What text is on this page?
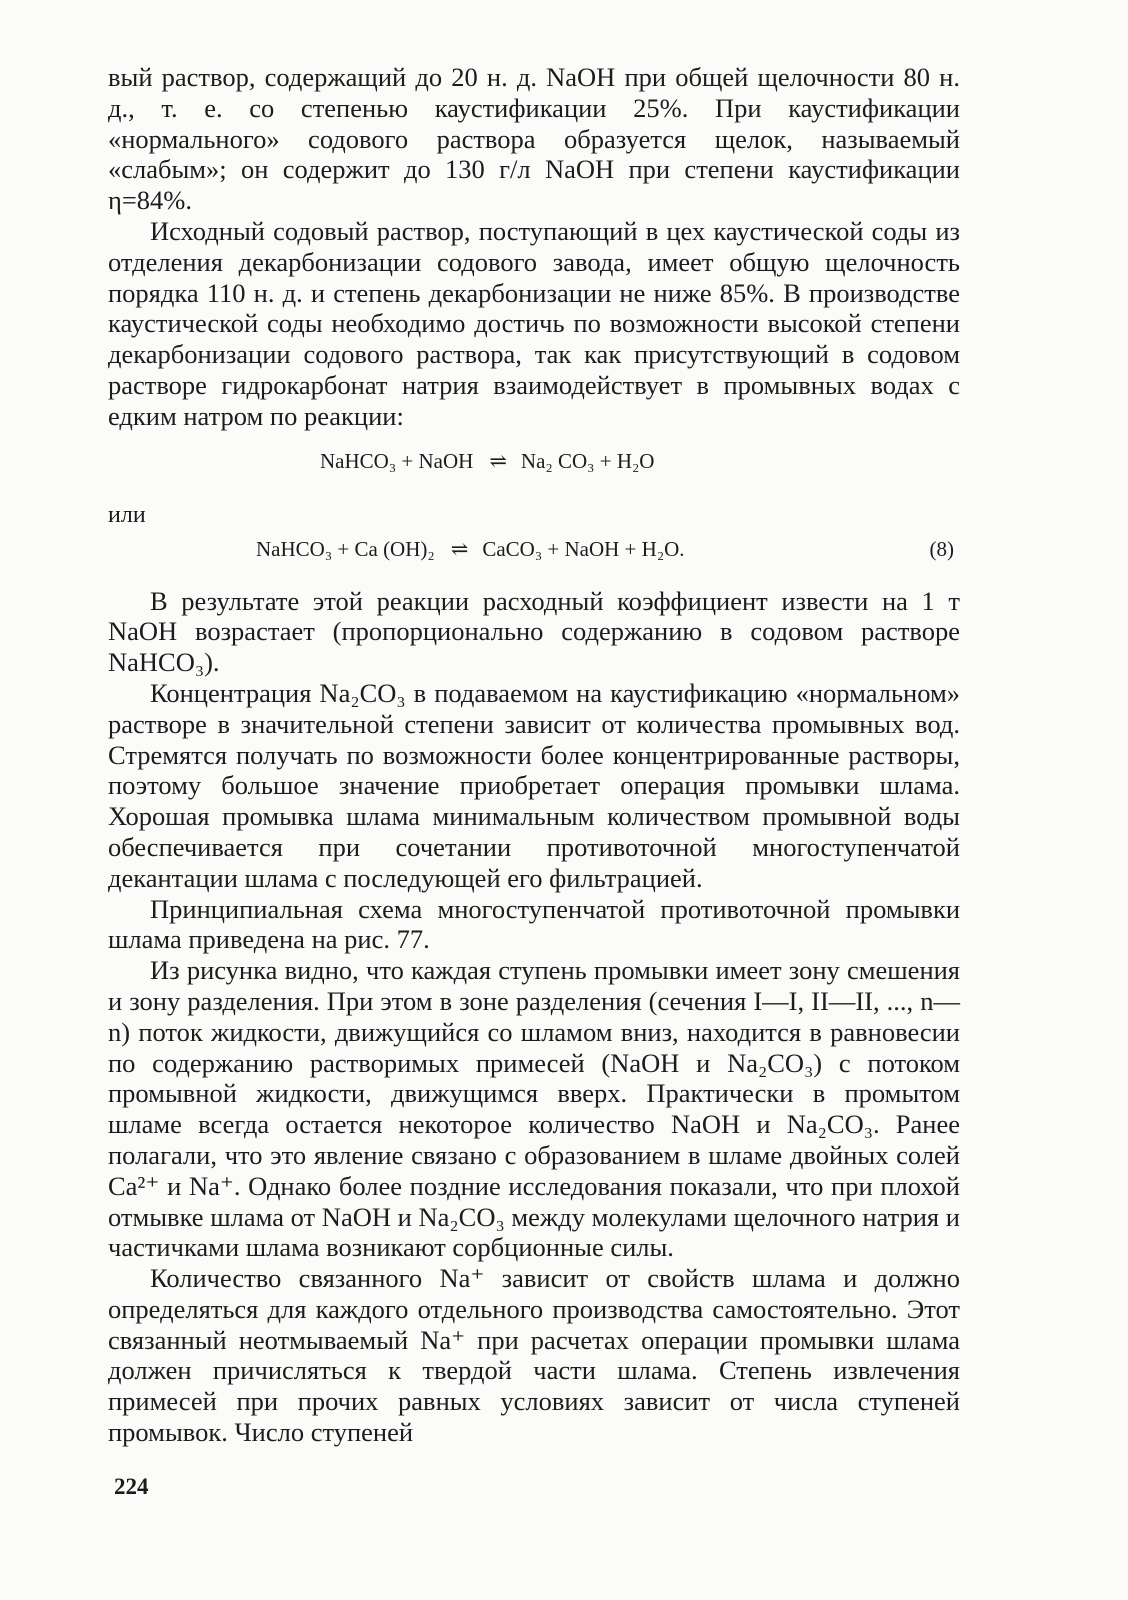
вый раствор, содержащий до 20 н. д. NaOH при общей щелочности 80 н. д., т. е. со степенью каустификации 25%. При каустификации «нормального» содового раствора образуется щелок, называемый «слабым»; он содержит до 130 г/л NaOH при степени каустификации η=84%.

Исходный содовый раствор, поступающий в цех каустической соды из отделения декарбонизации содового завода, имеет общую щелочность порядка 110 н. д. и степень декарбонизации не ниже 85%. В производстве каустической соды необходимо достичь по возможности высокой степени декарбонизации содового раствора, так как присутствующий в содовом растворе гидрокарбонат натрия взаимодействует в промывных водах с едким натром по реакции:

NaHCO₃ + NaOH ⇌ Na₂ CO₃ + H₂O
или
NaHCO₃ + Ca (OH)₂ ⇌ CaCO₃ + NaOH + H₂O.	(8)

В результате этой реакции расходный коэффициент извести на 1 т NaOH возрастает (пропорционально содержанию в содовом растворе NaHCO₃).

Концентрация Na₂CO₃ в подаваемом на каустификацию «нормальном» растворе в значительной степени зависит от количества промывных вод. Стремятся получать по возможности более концентрированные растворы, поэтому большое значение приобретает операция промывки шлама. Хорошая промывка шлама минимальным количеством промывной воды обеспечивается при сочетании противоточной многоступенчатой декантации шлама с последующей его фильтрацией.

Принципиальная схема многоступенчатой противоточной промывки шлама приведена на рис. 77.

Из рисунка видно, что каждая ступень промывки имеет зону смешения и зону разделения. При этом в зоне разделения (сечения I—I, II—II, ..., n—n) поток жидкости, движущийся со шламом вниз, находится в равновесии по содержанию растворимых примесей (NaOH и Na₂CO₃) с потоком промывной жидкости, движущимся вверх. Практически в промытом шламе всегда остается некоторое количество NaOH и Na₂CO₃. Ранее полагали, что это явление связано с образованием в шламе двойных солей Ca²⁺ и Na⁺. Однако более поздние исследования показали, что при плохой отмывке шлама от NaOH и Na₂CO₃ между молекулами щелочного натрия и частичками шлама возникают сорбционные силы.

Количество связанного Na⁺ зависит от свойств шлама и должно определяться для каждого отдельного производства самостоятельно. Этот связанный неотмываемый Na⁺ при расчетах операции промывки шлама должен причисляться к твердой части шлама. Степень извлечения примесей при прочих равных условиях зависит от числа ступеней промывок. Число ступеней

224
